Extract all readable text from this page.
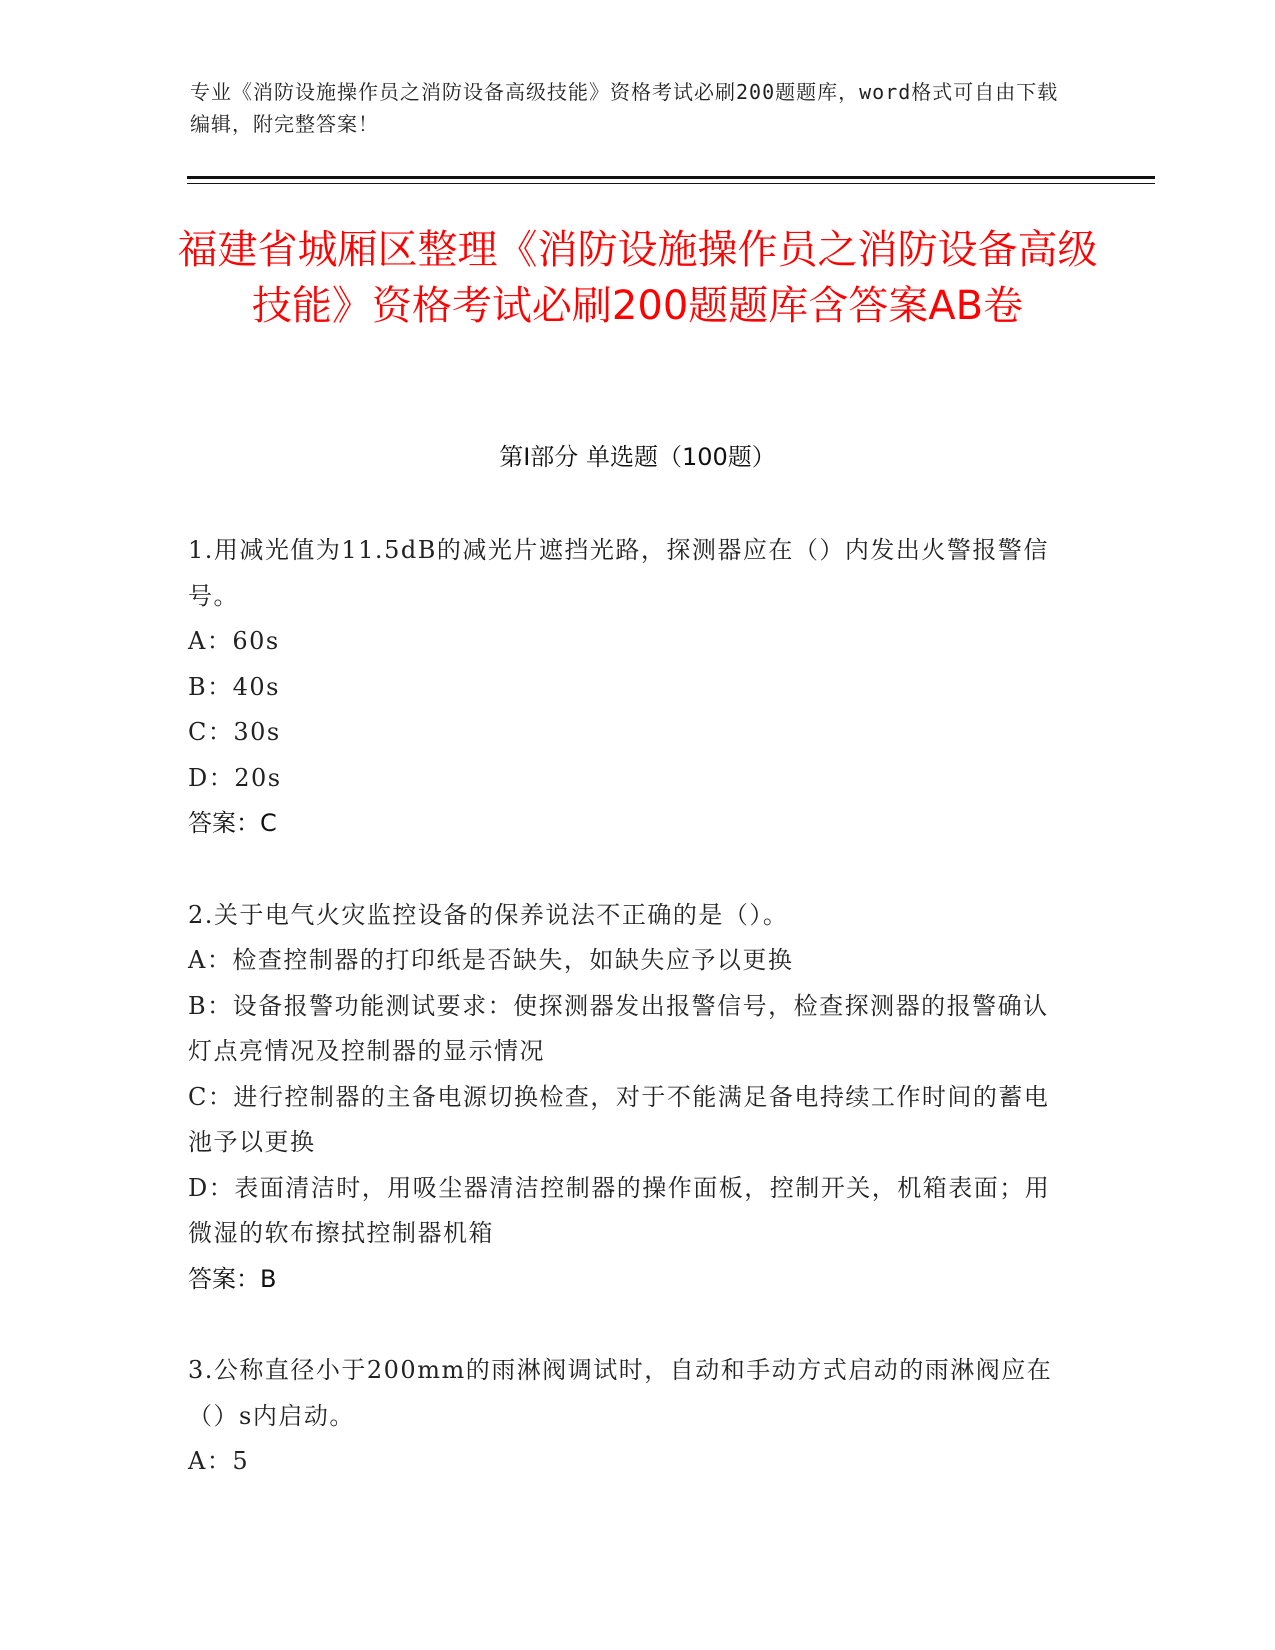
专业《消防设施操作员之消防设备高级技能》资格考试必刷200题题库，word格式可自由下载编辑，附完整答案！
福建省城厢区整理《消防设施操作员之消防设备高级技能》资格考试必刷200题题库含答案AB卷
第Ⅰ部分 单选题（100题）

1.用减光值为11.5dB的减光片遮挡光路，探测器应在（）内发出火警报警信号。

A：60s

B：40s

C：30s

D：20s

答案：C

2.关于电气火灾监控设备的保养说法不正确的是（）。

A：检查控制器的打印纸是否缺失，如缺失应予以更换

B：设备报警功能测试要求：使探测器发出报警信号，检查探测器的报警确认灯点亮情况及控制器的显示情况

C：进行控制器的主备电源切换检查，对于不能满足备电持续工作时间的蓄电池予以更换

D：表面清洁时，用吸尘器清洁控制器的操作面板，控制开关，机箱表面；用微湿的软布擦拭控制器机箱

答案：B

3.公称直径小于200mm的雨淋阀调试时，自动和手动方式启动的雨淋阀应在（）s内启动。

A：5
